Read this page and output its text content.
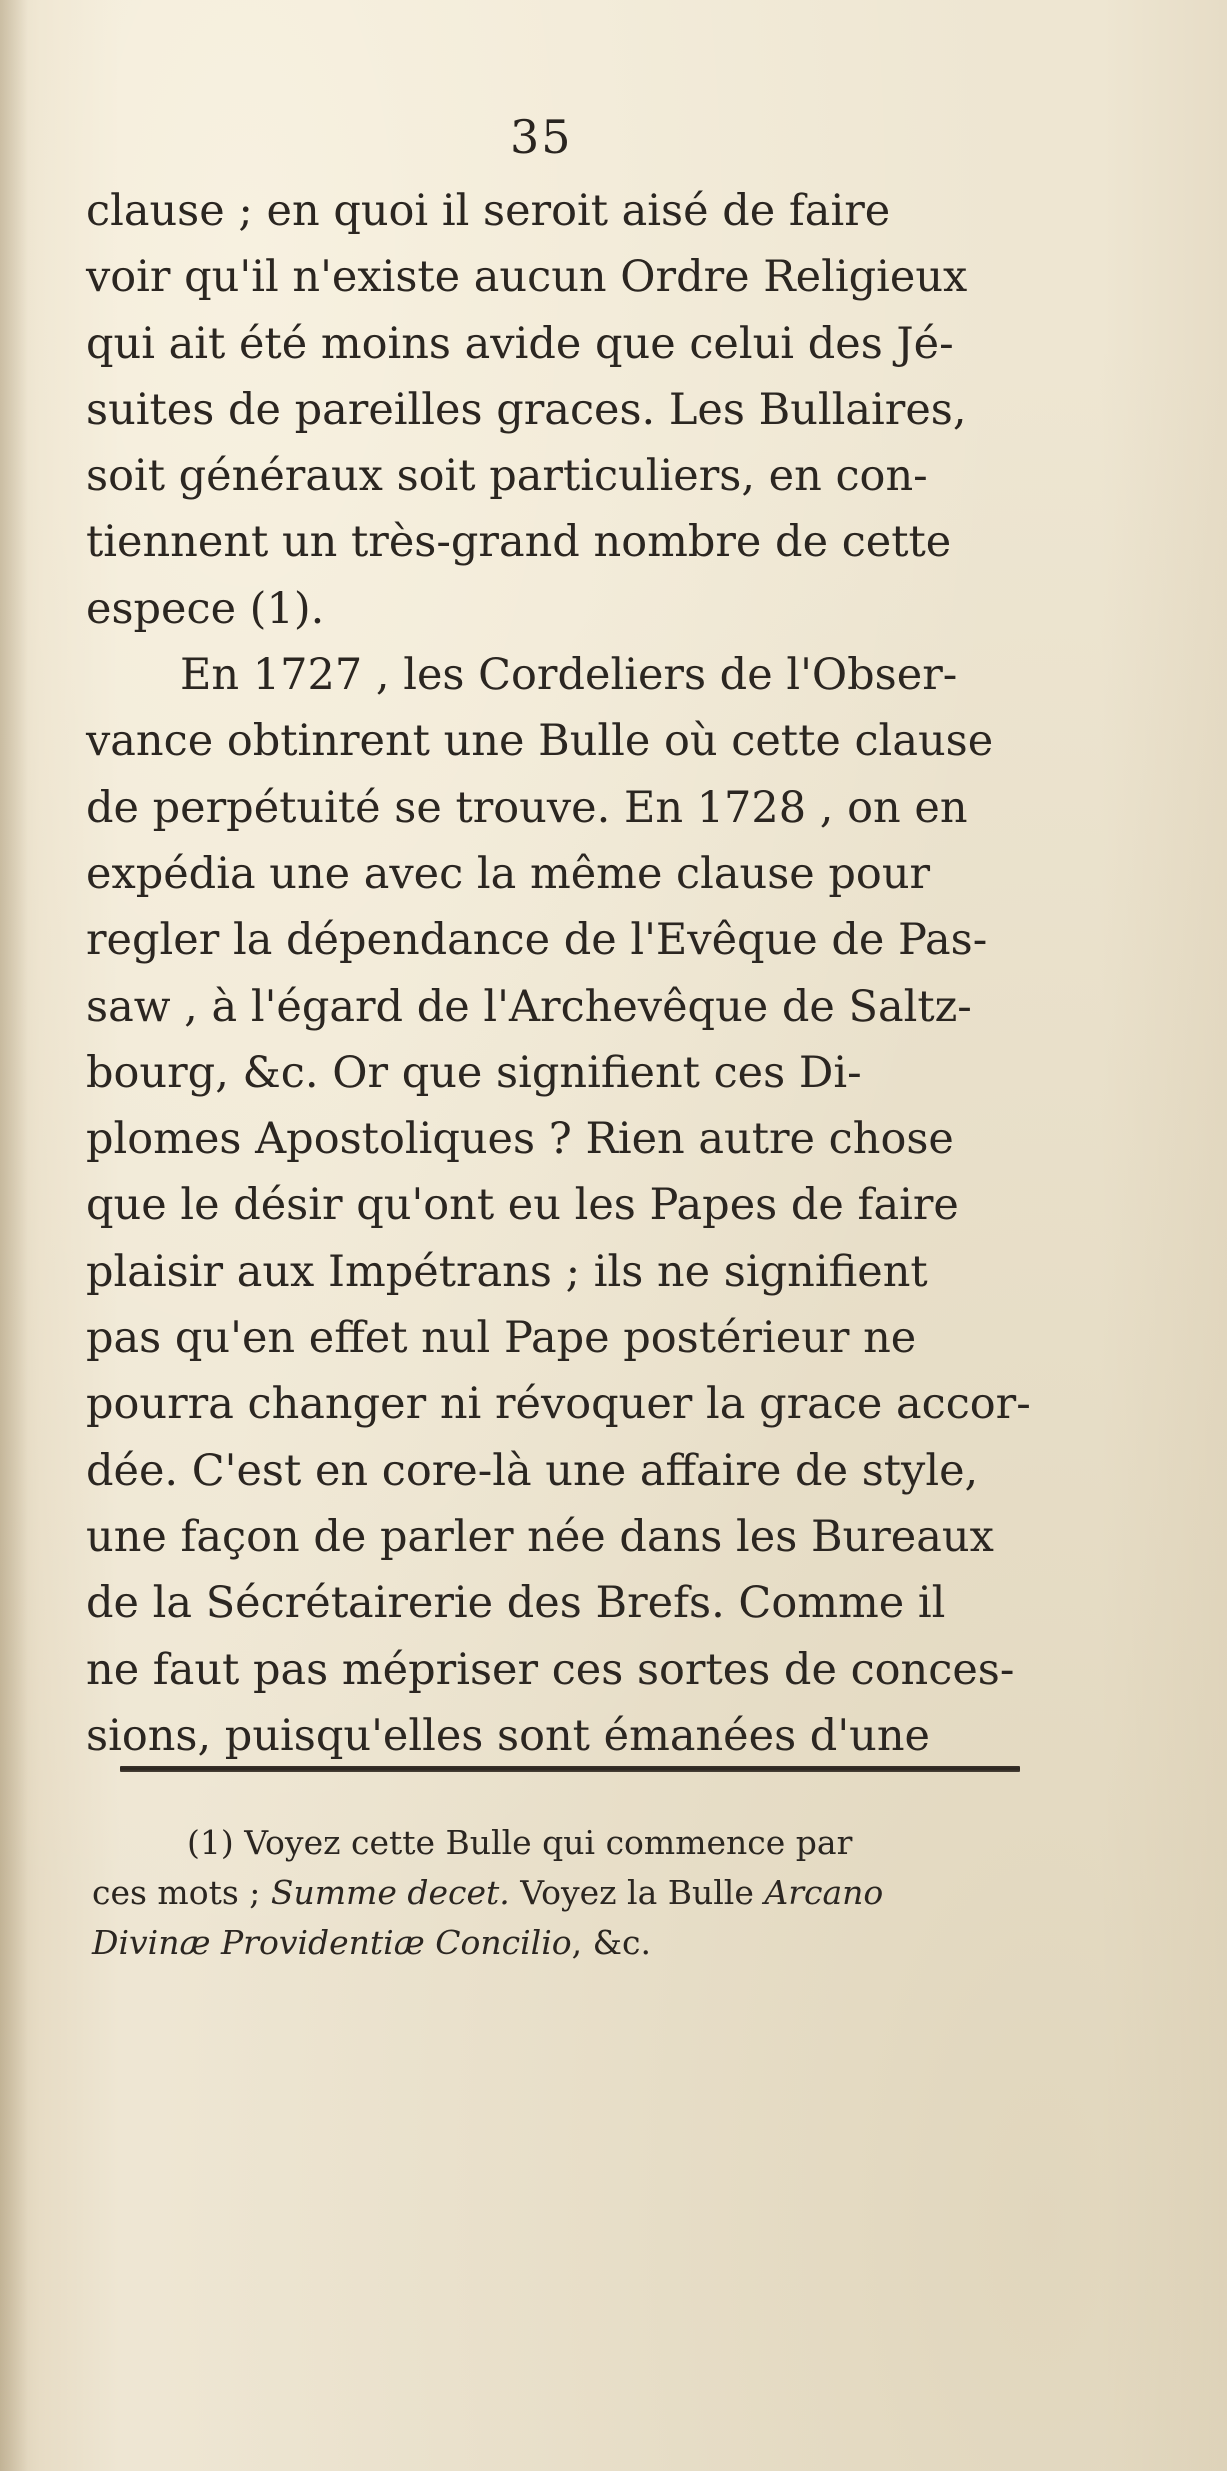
35
clause ; en quoi il seroit aisé de faire
voir qu'il n'existe aucun Ordre Religieux
qui ait été moins avide que celui des Jé-
suites de pareilles graces. Les Bullaires,
soit généraux soit particuliers, en con-
tiennent un très-grand nombre de cette
espece (1).
En 1727 , les Cordeliers de l'Obser-
vance obtinrent une Bulle où cette clause
de perpétuité se trouve. En 1728 , on en
expédia une avec la même clause pour
regler la dépendance de l'Evêque de Pas-
saw , à l'égard de l'Archevêque de Saltz-
bourg, &c. Or que signifient ces Di-
plomes Apostoliques ? Rien autre chose
que le désir qu'ont eu les Papes de faire
plaisir aux Impétrans ; ils ne signifient
pas qu'en effet nul Pape postérieur ne
pourra changer ni révoquer la grace accor-
dée. C'est en core-là une affaire de style,
une façon de parler née dans les Bureaux
de la Sécrétairerie des Brefs. Comme il
ne faut pas mépriser ces sortes de conces-
sions, puisqu'elles sont émanées d'une
(1) Voyez cette Bulle qui commence par
ces mots ; Summe decet. Voyez la Bulle Arcano
Divinæ Providentiæ Concilio, &c.
